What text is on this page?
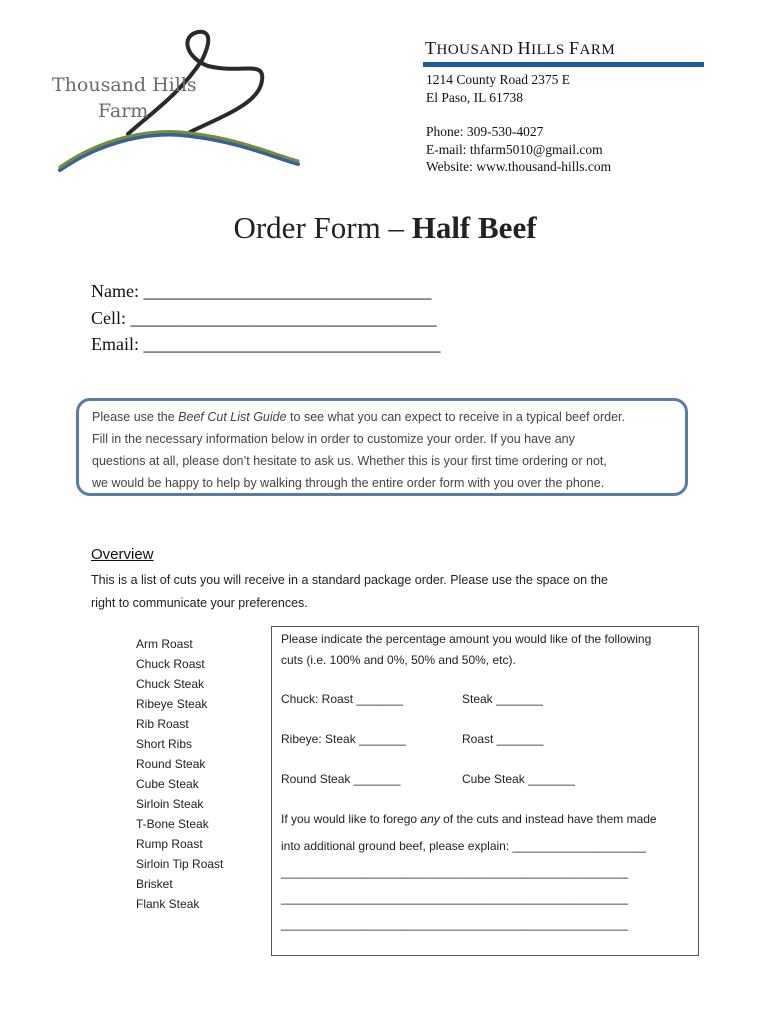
Thousand Hills
Farm
THOUSAND HILLS FARM
1214 County Road 2375 E
El Paso, IL 61738
Phone: 309-530-4027
E-mail: thfarm5010@gmail.com
Website: www.thousand-hills.com
Order Form – Half Beef
Name: ________________________________
Cell: __________________________________
Email: _________________________________
Please use the Beef Cut List Guide to see what you can expect to receive in a typical beef order.
Fill in the necessary information below in order to customize your order. If you have any
questions at all, please don’t hesitate to ask us. Whether this is your first time ordering or not,
we would be happy to help by walking through the entire order form with you over the phone.
Overview
This is a list of cuts you will receive in a standard package order. Please use the space on the
right to communicate your preferences.
Arm Roast
Chuck Roast
Chuck Steak
Ribeye Steak
Rib Roast
Short Ribs
Round Steak
Cube Steak
Sirloin Steak
T-Bone Steak
Rump Roast
Sirloin Tip Roast
Brisket
Flank Steak
Please indicate the percentage amount you would like of the following
cuts (i.e. 100% and 0%, 50% and 50%, etc).
Chuck: Roast _______	Steak _______
Ribeye: Steak _______	Roast _______
Round Steak _______	Cube Steak _______
If you would like to forego any of the cuts and instead have them made
into additional ground beef, please explain: ____________________
____________________________________________________
____________________________________________________
____________________________________________________
